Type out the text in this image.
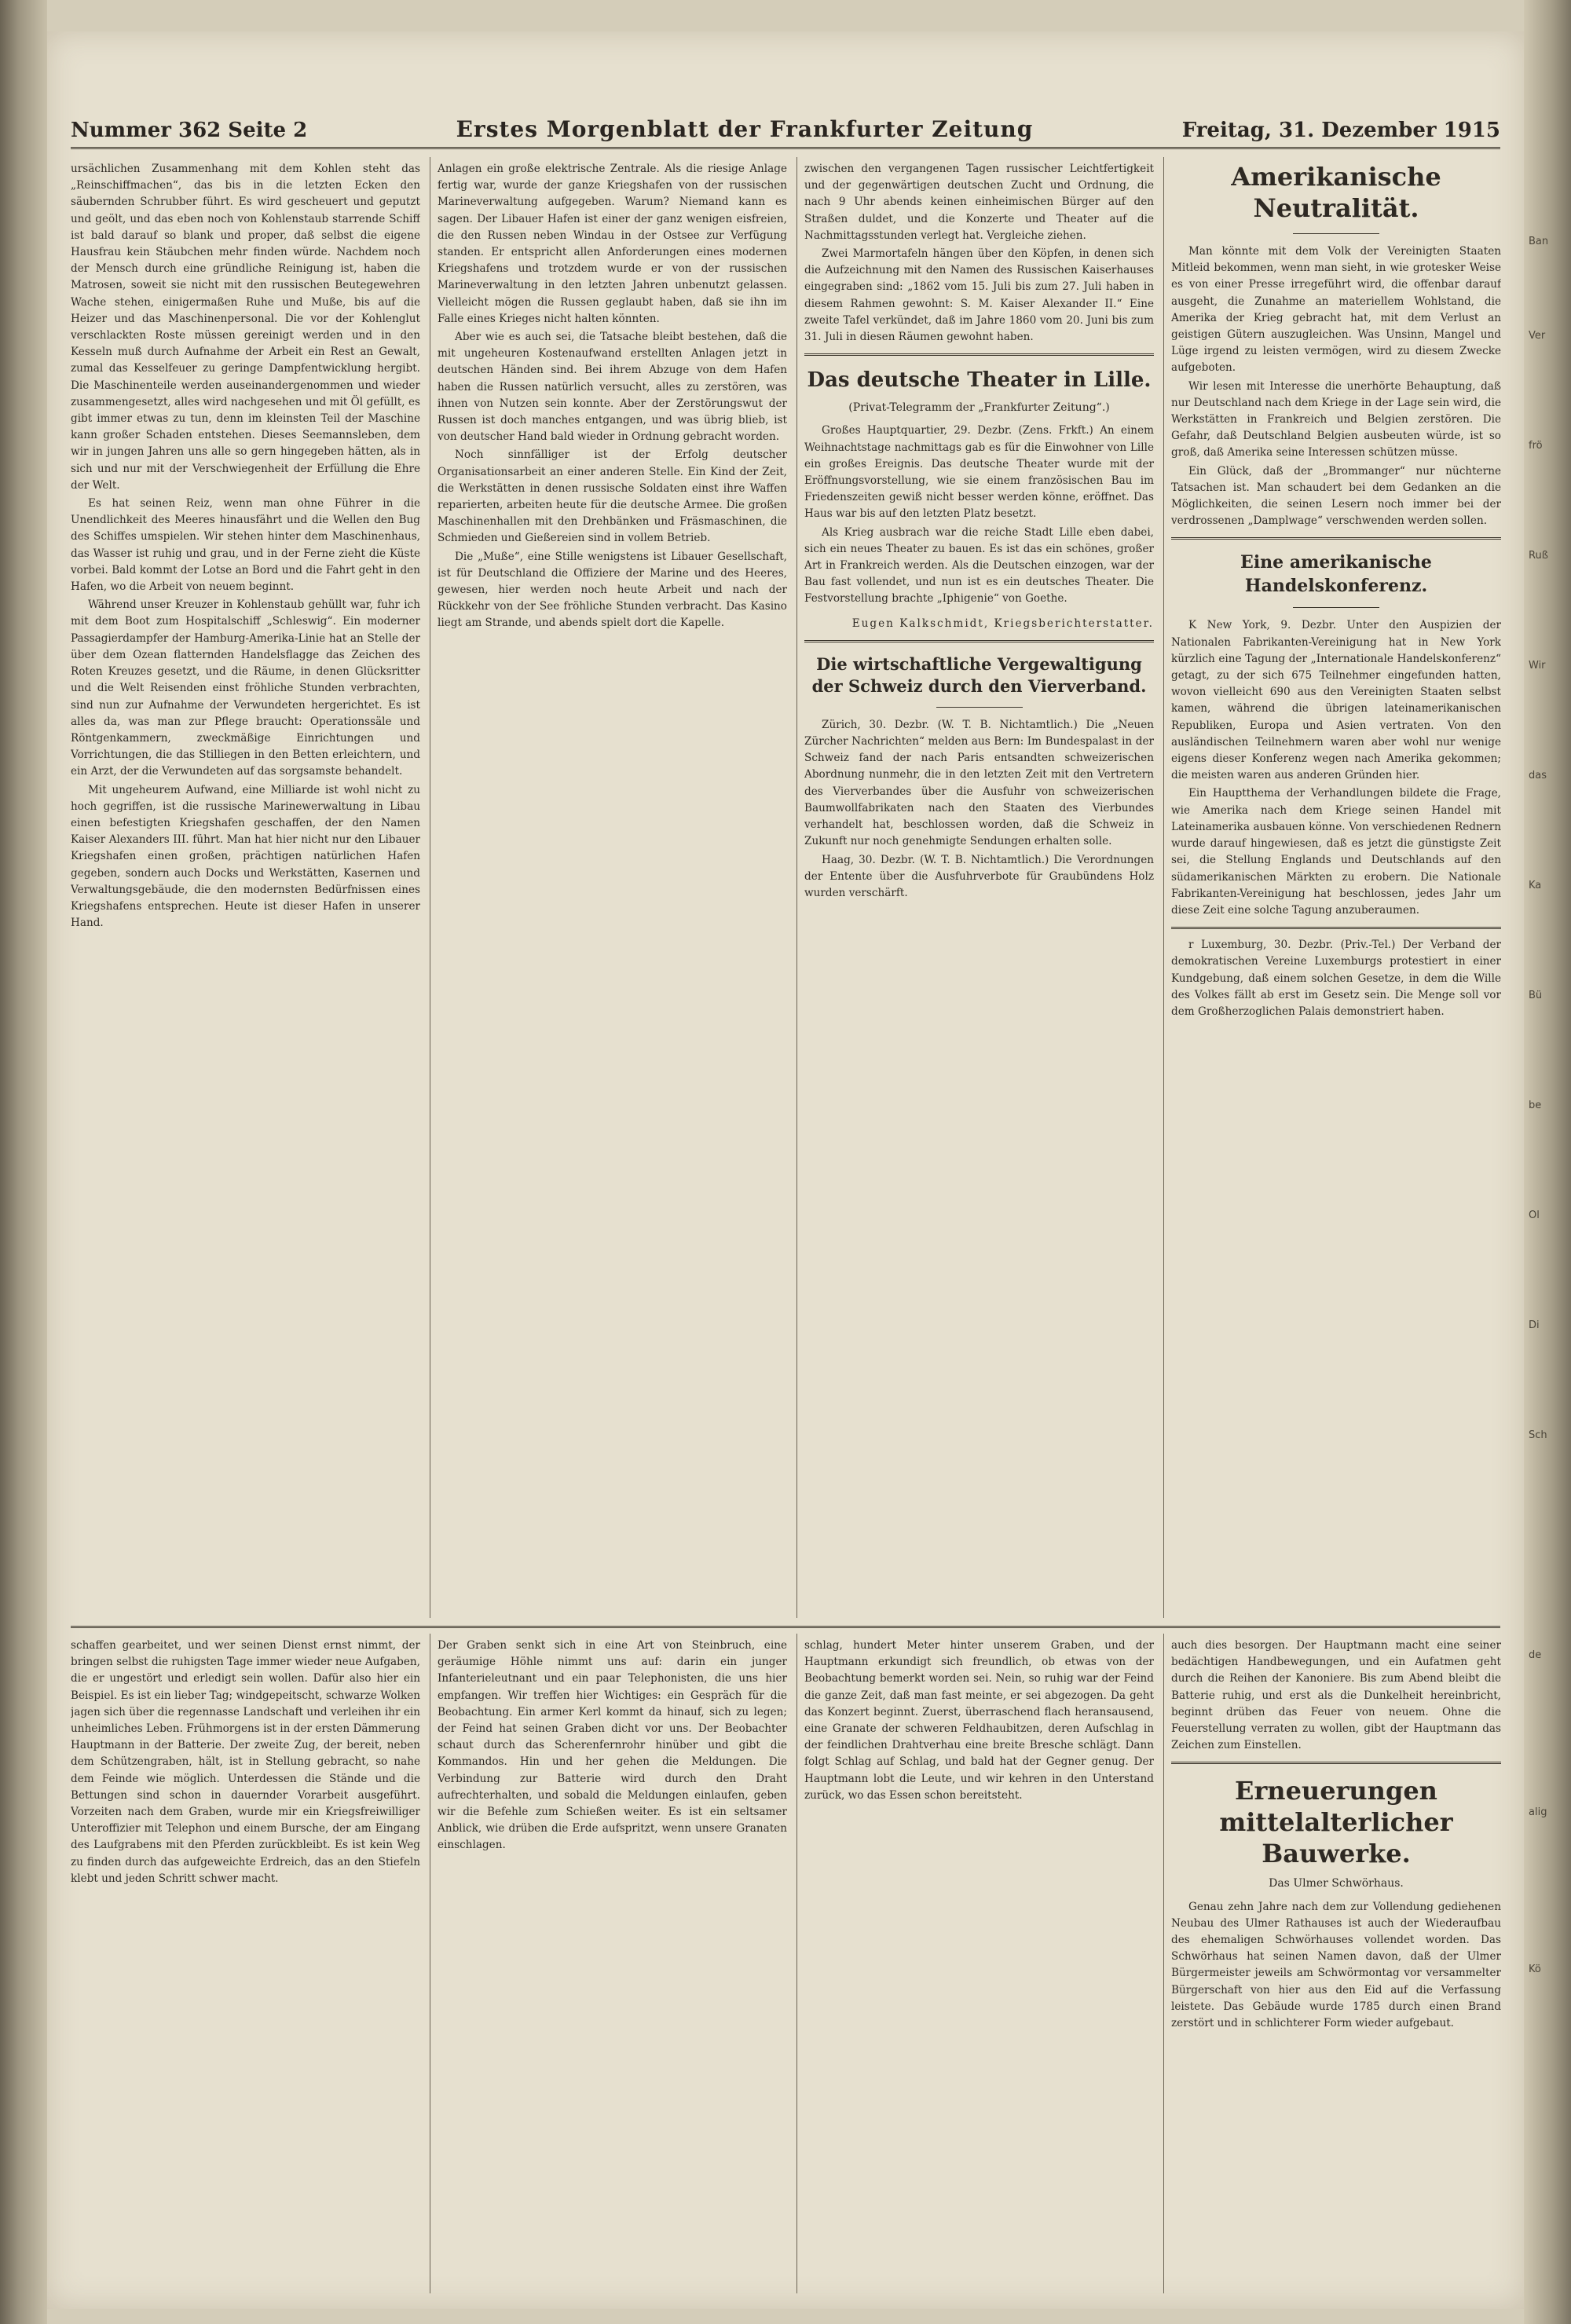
Nummer 362 Seite 2	Erstes Morgenblatt der Frankfurter Zeitung	Freitag, 31. Dezember 1915

ursächlichen Zusammenhang mit dem Kohlen steht das „Reinschiffmachen“, das bis in die letzten Ecken den säubernden Schrubber führt. Es wird gescheuert und geputzt und geölt, und das eben noch von Kohlenstaub starrende Schiff ist bald darauf so blank und proper, daß selbst die eigene Hausfrau kein Stäubchen mehr finden würde. Nachdem noch der Mensch durch eine gründliche Reinigung ist, haben die Matrosen, soweit sie nicht mit den russischen Beutegewehren Wache stehen, einigermaßen Ruhe und Muße, bis auf die Heizer und das Maschinenpersonal. Die vor der Kohlenglut verschlackten Roste müssen gereinigt werden und in den Kesseln muß durch Aufnahme der Arbeit ein Rest an Gewalt, zumal das Kesselfeuer zu geringe Dampfentwicklung hergibt. Die Maschinenteile werden auseinandergenommen und wieder zusammengesetzt, alles wird nachgesehen und mit Öl gefüllt, es gibt immer etwas zu tun, denn im kleinsten Teil der Maschine kann großer Schaden entstehen. Dieses Seemannsleben, dem wir in jungen Jahren uns alle so gern hingegeben hätten, als in sich und nur mit der Verschwiegenheit der Erfüllung die Ehre der Welt.

Es hat seinen Reiz, wenn man ohne Führer in die Unendlichkeit des Meeres hinausfährt und die Wellen den Bug des Schiffes umspielen. Wir stehen hinter dem Maschinenhaus, das Wasser ist ruhig und grau, und in der Ferne zieht die Küste vorbei. Bald kommt der Lotse an Bord und die Fahrt geht in den Hafen, wo die Arbeit von neuem beginnt.

Während unser Kreuzer in Kohlenstaub gehüllt war, fuhr ich mit dem Boot zum Hospitalschiff „Schleswig“. Ein moderner Passagierdampfer der Hamburg-Amerika-Linie hat an Stelle der über dem Ozean flatternden Handelsflagge das Zeichen des Roten Kreuzes gesetzt, und die Räume, in denen Glücksritter und die Welt Reisenden einst fröhliche Stunden verbrachten, sind nun zur Aufnahme der Verwundeten hergerichtet. Es ist alles da, was man zur Pflege braucht: Operationssäle und Röntgenkammern, zweckmäßige Einrichtungen und Vorrichtungen, die das Stilliegen in den Betten erleichtern, und ein Arzt, der die Verwundeten auf das sorgsamste behandelt.

Mit ungeheurem Aufwand, eine Milliarde ist wohl nicht zu hoch gegriffen, ist die russische Marinewerwaltung in Libau einen befestigten Kriegshafen geschaffen, der den Namen Kaiser Alexanders III. führt. Man hat hier nicht nur den Libauer Kriegshafen einen großen, prächtigen natürlichen Hafen gegeben, sondern auch Docks und Werkstätten, Kasernen und Verwaltungsgebäude, die den modernsten Bedürfnissen eines Kriegshafens entsprechen. Heute ist dieser Hafen in unserer Hand.

Anlagen ein große elektrische Zentrale. Als die riesige Anlage fertig war, wurde der ganze Kriegshafen von der russischen Marineverwaltung aufgegeben. Warum? Niemand kann es sagen. Der Libauer Hafen ist einer der ganz wenigen eisfreien, die den Russen neben Windau in der Ostsee zur Verfügung standen. Er entspricht allen Anforderungen eines modernen Kriegshafens und trotzdem wurde er von der russischen Marineverwaltung in den letzten Jahren unbenutzt gelassen. Vielleicht mögen die Russen geglaubt haben, daß sie ihn im Falle eines Krieges nicht halten könnten.

Aber wie es auch sei, die Tatsache bleibt bestehen, daß die mit ungeheuren Kostenaufwand erstellten Anlagen jetzt in deutschen Händen sind. Bei ihrem Abzuge von dem Hafen haben die Russen natürlich versucht, alles zu zerstören, was ihnen von Nutzen sein konnte. Aber der Zerstörungswut der Russen ist doch manches entgangen, und was übrig blieb, ist von deutscher Hand bald wieder in Ordnung gebracht worden.

Noch sinnfälliger ist der Erfolg deutscher Organisationsarbeit an einer anderen Stelle. Ein Kind der Zeit, die Werkstätten in denen russische Soldaten einst ihre Waffen reparierten, arbeiten heute für die deutsche Armee. Die großen Maschinenhallen mit den Drehbänken und Fräsmaschinen, die Schmieden und Gießereien sind in vollem Betrieb.

Die „Muße“, eine Stille wenigstens ist Libauer Gesellschaft, ist für Deutschland die Offiziere der Marine und des Heeres, gewesen, hier werden noch heute Arbeit und nach der Rückkehr von der See fröhliche Stunden verbracht. Das Kasino liegt am Strande, und abends spielt dort die Kapelle.

zwischen den vergangenen Tagen russischer Leichtfertigkeit und der gegenwärtigen deutschen Zucht und Ordnung, die nach 9 Uhr abends keinen einheimischen Bürger auf den Straßen duldet, und die Konzerte und Theater auf die Nachmittagsstunden verlegt hat. Vergleiche ziehen.

Zwei Marmortafeln hängen über den Köpfen, in denen sich die Aufzeichnung mit den Namen des Russischen Kaiserhauses eingegraben sind: „1862 vom 15. Juli bis zum 27. Juli haben in diesem Rahmen gewohnt: S. M. Kaiser Alexander II.“ Eine zweite Tafel verkündet, daß im Jahre 1860 vom 20. Juni bis zum 31. Juli in diesen Räumen gewohnt haben.

Das deutsche Theater in Lille.
(Privat-Telegramm der „Frankfurter Zeitung“.)

Großes Hauptquartier, 29. Dezbr. (Zens. Frkft.) An einem Weihnachtstage nachmittags gab es für die Einwohner von Lille ein großes Ereignis. Das deutsche Theater wurde mit der Eröffnungsvorstellung, wie sie einem französischen Bau im Friedenszeiten gewiß nicht besser werden könne, eröffnet. Das Haus war bis auf den letzten Platz besetzt.

Als Krieg ausbrach war die reiche Stadt Lille eben dabei, sich ein neues Theater zu bauen. Es ist das ein schönes, großer Art in Frankreich werden. Als die Deutschen einzogen, war der Bau fast vollendet, und nun ist es ein deutsches Theater. Die Festvorstellung brachte „Iphigenie“ von Goethe.

Eugen Kalkschmidt, Kriegsberichterstatter.

Die wirtschaftliche Vergewaltigung der Schweiz durch den Vierverband.

Zürich, 30. Dezbr. (W. T. B. Nichtamtlich.) Die „Neuen Zürcher Nachrichten“ melden aus Bern: Im Bundespalast in der Schweiz fand der nach Paris entsandten schweizerischen Abordnung nunmehr, die in den letzten Zeit mit den Vertretern des Vierverbandes über die Ausfuhr von schweizerischen Baumwollfabrikaten nach den Staaten des Vierbundes verhandelt hat, beschlossen worden, daß die Schweiz in Zukunft nur noch genehmigte Sendungen erhalten solle.

Haag, 30. Dezbr. (W. T. B. Nichtamtlich.) Die Verordnungen der Entente über die Ausfuhrverbote für Graubündens Holz wurden verschärft.

Amerikanische Neutralität.

Man könnte mit dem Volk der Vereinigten Staaten Mitleid bekommen, wenn man sieht, in wie grotesker Weise es von einer Presse irregeführt wird, die offenbar darauf ausgeht, die Zunahme an materiellem Wohlstand, die Amerika der Krieg gebracht hat, mit dem Verlust an geistigen Gütern auszugleichen. Was Unsinn, Mangel und Lüge irgend zu leisten vermögen, wird zu diesem Zwecke aufgeboten.

Wir lesen mit Interesse die unerhörte Behauptung, daß nur Deutschland nach dem Kriege in der Lage sein wird, die Werkstätten in Frankreich und Belgien zerstören. Die Gefahr, daß Deutschland Belgien ausbeuten würde, ist so groß, daß Amerika seine Interessen schützen müsse.

Ein Glück, daß der „Brommanger“ nur nüchterne Tatsachen ist. Man schaudert bei dem Gedanken an die Möglichkeiten, die seinen Lesern noch immer bei der verdrossenen „Damplwage“ verschwenden werden sollen.

Eine amerikanische Handelskonferenz.

K New York, 9. Dezbr. Unter den Auspizien der Nationalen Fabrikanten-Vereinigung hat in New York kürzlich eine Tagung der „Internationale Handelskonferenz“ getagt, zu der sich 675 Teilnehmer eingefunden hatten, wovon vielleicht 690 aus den Vereinigten Staaten selbst kamen, während die übrigen lateinamerikanischen Republiken, Europa und Asien vertraten. Von den ausländischen Teilnehmern waren aber wohl nur wenige eigens dieser Konferenz wegen nach Amerika gekommen; die meisten waren aus anderen Gründen hier.

Ein Hauptthema der Verhandlungen bildete die Frage, wie Amerika nach dem Kriege seinen Handel mit Lateinamerika ausbauen könne. Von verschiedenen Rednern wurde darauf hingewiesen, daß es jetzt die günstigste Zeit sei, die Stellung Englands und Deutschlands auf den südamerikanischen Märkten zu erobern. Die Nationale Fabrikanten-Vereinigung hat beschlossen, jedes Jahr um diese Zeit eine solche Tagung anzuberaumen.

r Luxemburg, 30. Dezbr. (Priv.-Tel.) Der Verband der demokratischen Vereine Luxemburgs protestiert in einer Kundgebung, daß einem solchen Gesetze, in dem die Wille des Volkes fällt ab erst im Gesetz sein. Die Menge soll vor dem Großherzoglichen Palais demonstriert haben.

schaffen gearbeitet, und wer seinen Dienst ernst nimmt, der bringen selbst die ruhigsten Tage immer wieder neue Aufgaben, die er ungestört und erledigt sein wollen. Dafür also hier ein Beispiel. Es ist ein lieber Tag; windgepeitscht, schwarze Wolken jagen sich über die regennasse Landschaft und verleihen ihr ein unheimliches Leben. Frühmorgens ist in der ersten Dämmerung Hauptmann in der Batterie. Der zweite Zug, der bereit, neben dem Schützengraben, hält, ist in Stellung gebracht, so nahe dem Feinde wie möglich. Unterdessen die Stände und die Bettungen sind schon in dauernder Vorarbeit ausgeführt. Vorzeiten nach dem Graben, wurde mir ein Kriegsfreiwilliger Unteroffizier mit Telephon und einem Bursche, der am Eingang des Laufgrabens mit den Pferden zurückbleibt. Es ist kein Weg zu finden durch das aufgeweichte Erdreich, das an den Stiefeln klebt und jeden Schritt schwer macht.

Der Graben senkt sich in eine Art von Steinbruch, eine geräumige Höhle nimmt uns auf: darin ein junger Infanterieleutnant und ein paar Telephonisten, die uns hier empfangen. Wir treffen hier Wichtiges: ein Gespräch für die Beobachtung. Ein armer Kerl kommt da hinauf, sich zu legen; der Feind hat seinen Graben dicht vor uns. Der Beobachter schaut durch das Scherenfernrohr hinüber und gibt die Kommandos. Hin und her gehen die Meldungen. Die Verbindung zur Batterie wird durch den Draht aufrechterhalten, und sobald die Meldungen einlaufen, geben wir die Befehle zum Schießen weiter. Es ist ein seltsamer Anblick, wie drüben die Erde aufspritzt, wenn unsere Granaten einschlagen.

schlag, hundert Meter hinter unserem Graben, und der Hauptmann erkundigt sich freundlich, ob etwas von der Beobachtung bemerkt worden sei. Nein, so ruhig war der Feind die ganze Zeit, daß man fast meinte, er sei abgezogen. Da geht das Konzert beginnt. Zuerst, überraschend flach heransausend, eine Granate der schweren Feldhaubitzen, deren Aufschlag in der feindlichen Drahtverhau eine breite Bresche schlägt. Dann folgt Schlag auf Schlag, und bald hat der Gegner genug. Der Hauptmann lobt die Leute, und wir kehren in den Unterstand zurück, wo das Essen schon bereitsteht.

auch dies besorgen. Der Hauptmann macht eine seiner bedächtigen Handbewegungen, und ein Aufatmen geht durch die Reihen der Kanoniere. Bis zum Abend bleibt die Batterie ruhig, und erst als die Dunkelheit hereinbricht, beginnt drüben das Feuer von neuem. Ohne die Feuerstellung verraten zu wollen, gibt der Hauptmann das Zeichen zum Einstellen.

Erneuerungen mittelalterlicher Bauwerke.
Das Ulmer Schwörhaus.

Genau zehn Jahre nach dem zur Vollendung gediehenen Neubau des Ulmer Rathauses ist auch der Wiederaufbau des ehemaligen Schwörhauses vollendet worden. Das Schwörhaus hat seinen Namen davon, daß der Ulmer Bürgermeister jeweils am Schwörmontag vor versammelter Bürgerschaft von hier aus den Eid auf die Verfassung leistete. Das Gebäude wurde 1785 durch einen Brand zerstört und in schlichterer Form wieder aufgebaut.

Ban
Ver
frö
Ruß
Wir
das
Ka
Bü
be
Ol
Di
Sch
de
alig
Kö
